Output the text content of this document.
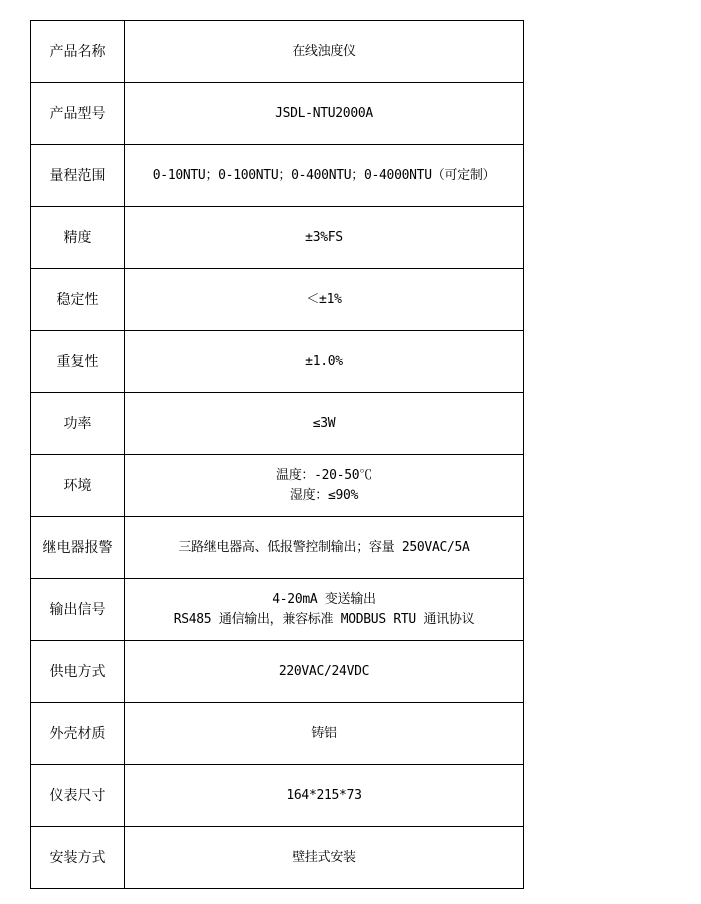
产品名称	在线浊度仪

产品型号	JSDL-NTU2000A

量程范围	0-10NTU；0-100NTU；0-400NTU；0-4000NTU（可定制）

精度	±3%FS

稳定性	＜±1%

重复性	±1.0%

功率	≤3W

环境	温度：-20-50℃
湿度：≤90%

继电器报警	三路继电器高、低报警控制输出；容量 250VAC/5A

输出信号	4-20mA 变送输出
RS485 通信输出，兼容标准 MODBUS RTU 通讯协议

供电方式	220VAC/24VDC

外壳材质	铸铝

仪表尺寸	164*215*73

安装方式	壁挂式安装
